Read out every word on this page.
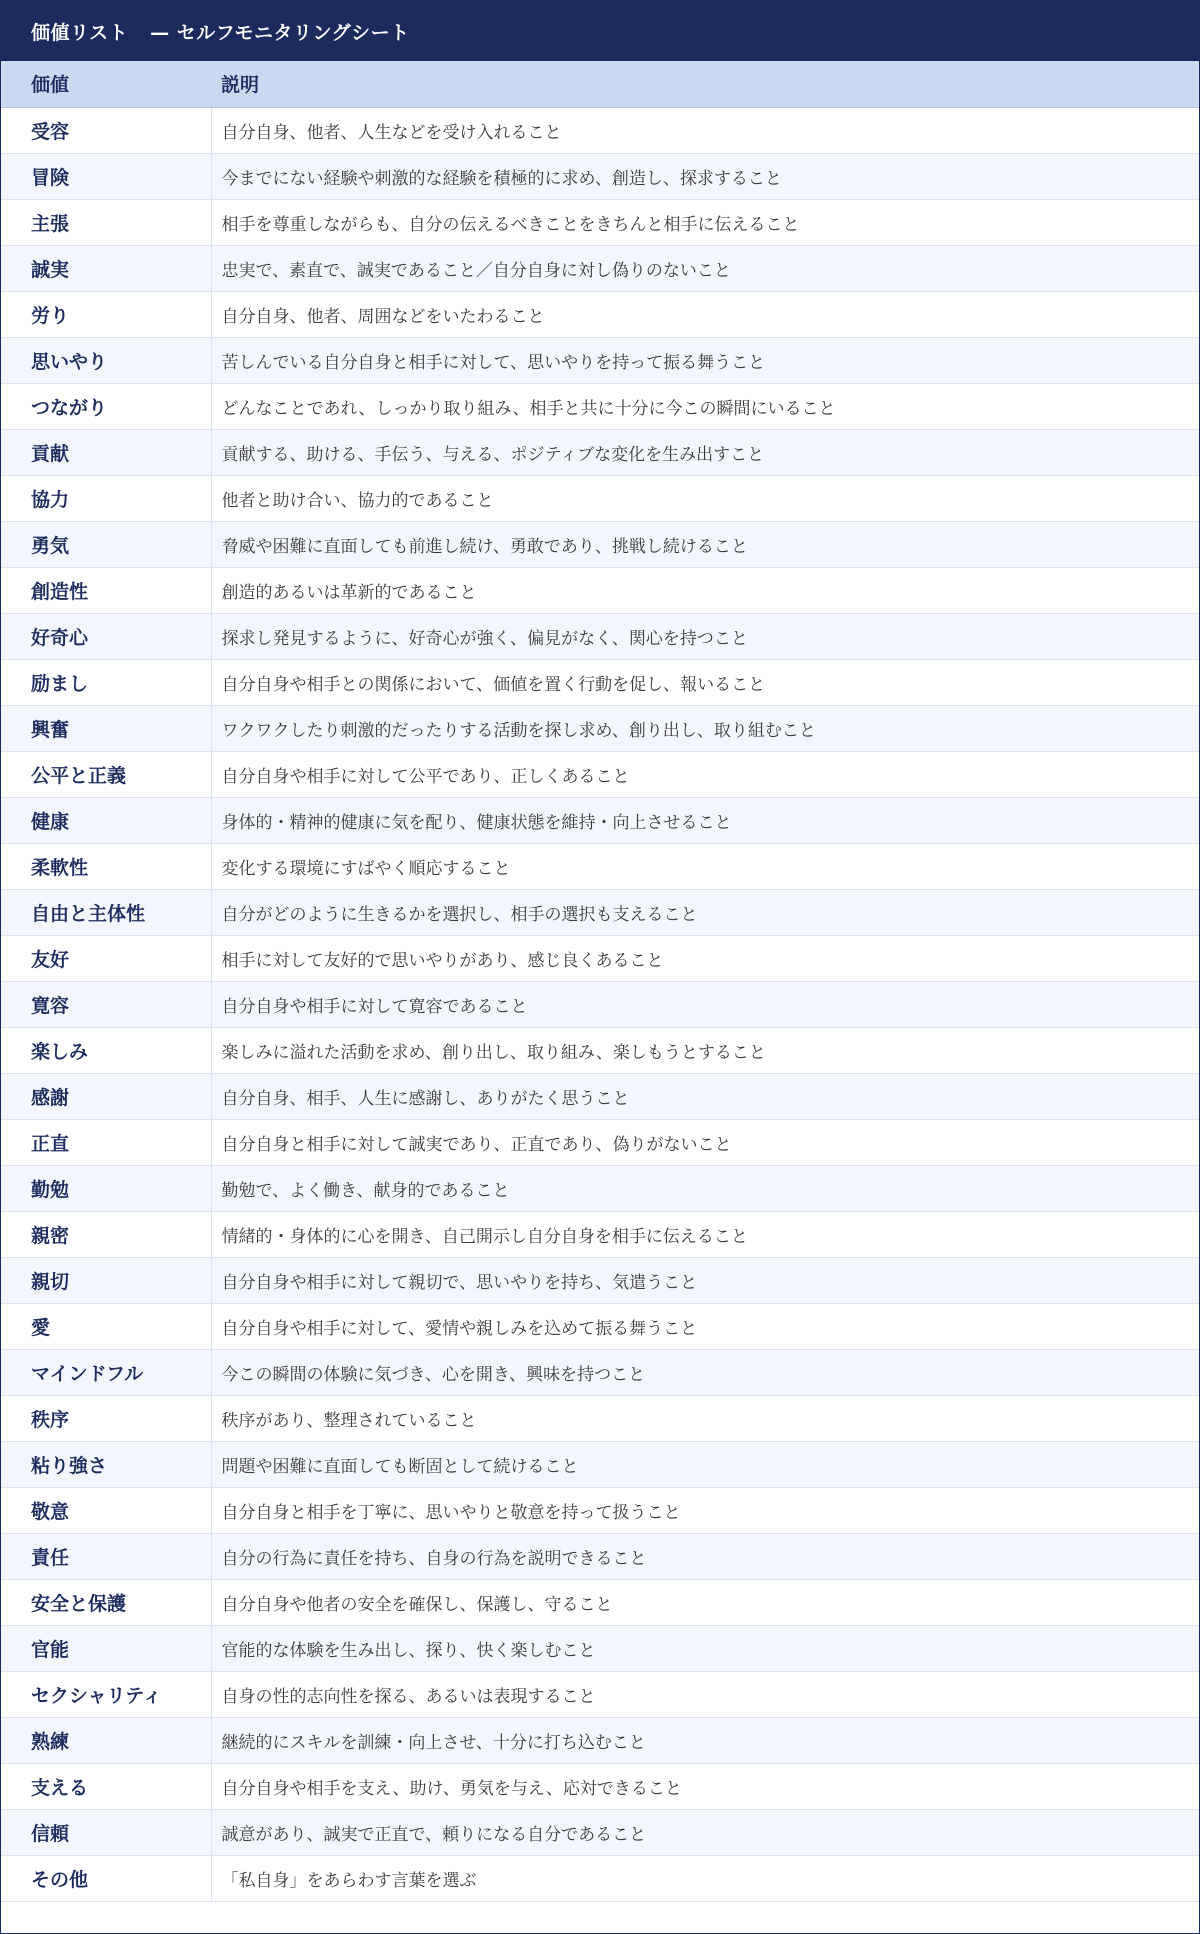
価値リスト — セルフモニタリングシート
価値	説明
受容	自分自身、他者、人生などを受け入れること
冒険	今までにない経験や刺激的な経験を積極的に求め、創造し、探求すること
主張	相手を尊重しながらも、自分の伝えるべきことをきちんと相手に伝えること
誠実	忠実で、素直で、誠実であること／自分自身に対し偽りのないこと
労り	自分自身、他者、周囲などをいたわること
思いやり	苦しんでいる自分自身と相手に対して、思いやりを持って振る舞うこと
つながり	どんなことであれ、しっかり取り組み、相手と共に十分に今この瞬間にいること
貢献	貢献する、助ける、手伝う、与える、ポジティブな変化を生み出すこと
協力	他者と助け合い、協力的であること
勇気	脅威や困難に直面しても前進し続け、勇敢であり、挑戦し続けること
創造性	創造的あるいは革新的であること
好奇心	探求し発見するように、好奇心が強く、偏見がなく、関心を持つこと
励まし	自分自身や相手との関係において、価値を置く行動を促し、報いること
興奮	ワクワクしたり刺激的だったりする活動を探し求め、創り出し、取り組むこと
公平と正義	自分自身や相手に対して公平であり、正しくあること
健康	身体的・精神的健康に気を配り、健康状態を維持・向上させること
柔軟性	変化する環境にすばやく順応すること
自由と主体性	自分がどのように生きるかを選択し、相手の選択も支えること
友好	相手に対して友好的で思いやりがあり、感じ良くあること
寛容	自分自身や相手に対して寛容であること
楽しみ	楽しみに溢れた活動を求め、創り出し、取り組み、楽しもうとすること
感謝	自分自身、相手、人生に感謝し、ありがたく思うこと
正直	自分自身と相手に対して誠実であり、正直であり、偽りがないこと
勤勉	勤勉で、よく働き、献身的であること
親密	情緒的・身体的に心を開き、自己開示し自分自身を相手に伝えること
親切	自分自身や相手に対して親切で、思いやりを持ち、気遣うこと
愛	自分自身や相手に対して、愛情や親しみを込めて振る舞うこと
マインドフル	今この瞬間の体験に気づき、心を開き、興味を持つこと
秩序	秩序があり、整理されていること
粘り強さ	問題や困難に直面しても断固として続けること
敬意	自分自身と相手を丁寧に、思いやりと敬意を持って扱うこと
責任	自分の行為に責任を持ち、自身の行為を説明できること
安全と保護	自分自身や他者の安全を確保し、保護し、守ること
官能	官能的な体験を生み出し、探り、快く楽しむこと
セクシャリティ	自身の性的志向性を探る、あるいは表現すること
熟練	継続的にスキルを訓練・向上させ、十分に打ち込むこと
支える	自分自身や相手を支え、助け、勇気を与え、応対できること
信頼	誠意があり、誠実で正直で、頼りになる自分であること
その他	「私自身」をあらわす言葉を選ぶ
